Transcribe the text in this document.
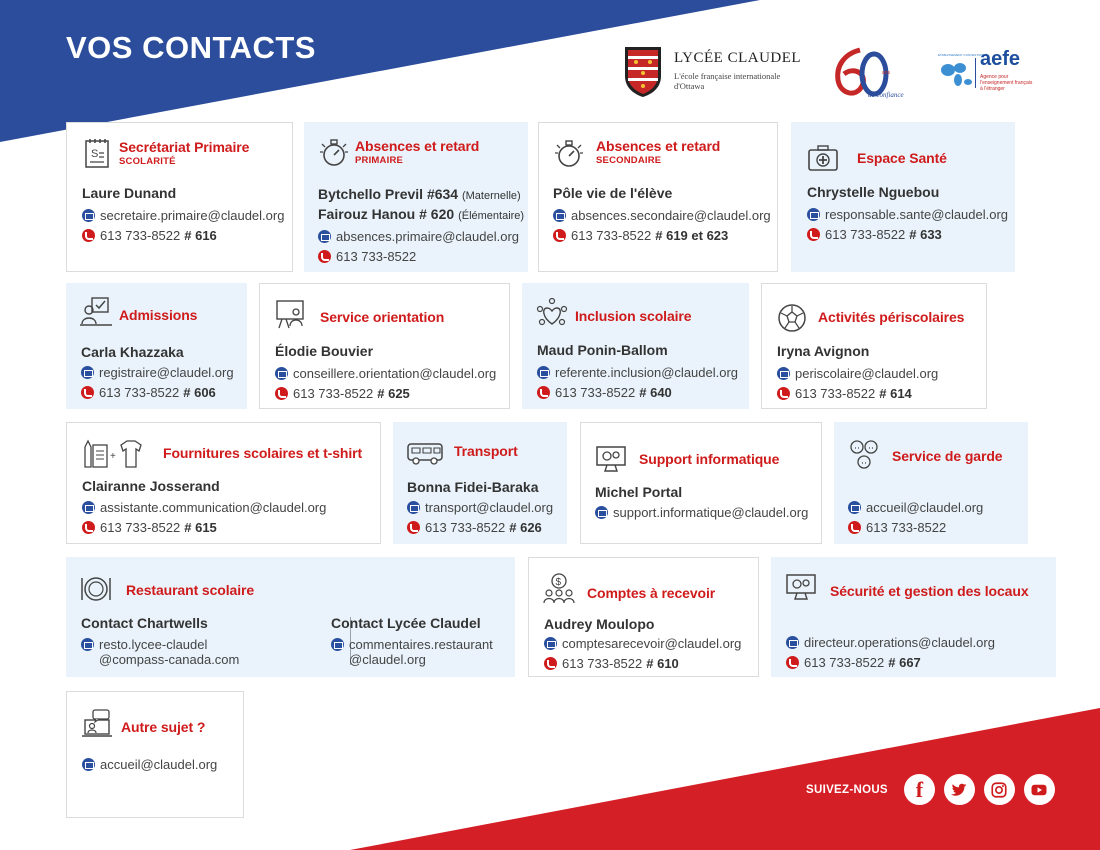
VOS CONTACTS	LYCÉE CLAUDEL
L'école française internationale d'Ottawa
ans
de confiance
ÉTABLISSEMENT CONVENTIONNÉ
aefe
Agence pour l'enseignement français à l'étranger
S Secrétariat Primaire
SCOLARITÉ
Laure Dunand
secretaire.primaire@claudel.org
613 733-8522 # 616
Absences et retard
PRIMAIRE
Bytchello Previl #634 (Maternelle)
Fairouz Hanou # 620 (Élémentaire)
absences.primaire@claudel.org
613 733-8522
Absences et retard
SECONDAIRE
Pôle vie de l'élève
absences.secondaire@claudel.org
613 733-8522 # 619 et 623
Espace Santé
Chrystelle Nguebou
responsable.sante@claudel.org
613 733-8522 # 633
Admissions
Carla Khazzaka
registraire@claudel.org
613 733-8522 # 606
Service orientation
Élodie Bouvier
conseillere.orientation@claudel.org
613 733-8522 # 625
Inclusion scolaire
Maud Ponin-Ballom
referente.inclusion@claudel.org
613 733-8522 # 640
Activités périscolaires
Iryna Avignon
periscolaire@claudel.org
613 733-8522 # 614
+	Fournitures scolaires et t-shirt
Clairanne Josserand
assistante.communication@claudel.org
613 733-8522 # 615
Transport
Bonna Fidei-Baraka
transport@claudel.org
613 733-8522 # 626
Support informatique
Michel Portal
support.informatique@claudel.org
Service de garde
accueil@claudel.org
613 733-8522
Restaurant scolaire
Contact Chartwells
resto.lycee-claudel
@compass-canada.com
Contact Lycée Claudel
commentaires.restaurant
@claudel.org
$
Comptes à recevoir
Audrey Moulopo
comptesarecevoir@claudel.org
613 733-8522 # 610
Sécurité et gestion des locaux
directeur.operations@claudel.org
613 733-8522 # 667
Autre sujet ?
accueil@claudel.org
SUIVEZ-NOUS f
